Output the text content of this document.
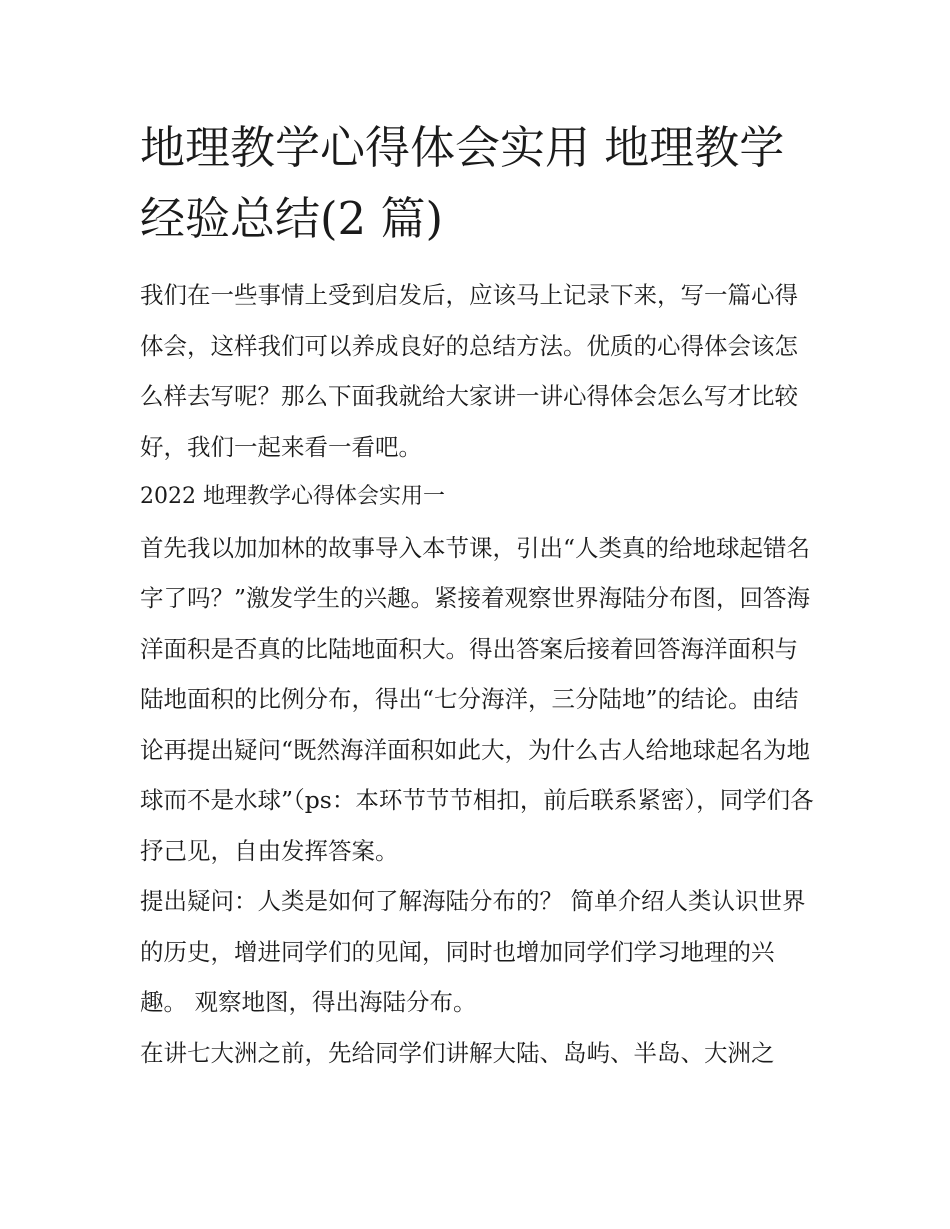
地理教学心得体会实用 地理教学经验总结(2 篇)

我们在一些事情上受到启发后，应该马上记录下来，写一篇心得体会，这样我们可以养成良好的总结方法。优质的心得体会该怎么样去写呢？那么下面我就给大家讲一讲心得体会怎么写才比较好，我们一起来看一看吧。

2022 地理教学心得体会实用一

首先我以加加林的故事导入本节课，引出“人类真的给地球起错名字了吗？”激发学生的兴趣。紧接着观察世界海陆分布图，回答海洋面积是否真的比陆地面积大。得出答案后接着回答海洋面积与陆地面积的比例分布，得出“七分海洋，三分陆地”的结论。由结论再提出疑问“既然海洋面积如此大，为什么古人给地球起名为地球而不是水球”（ps：本环节节节相扣，前后联系紧密），同学们各抒己见，自由发挥答案。

提出疑问：人类是如何了解海陆分布的？ 简单介绍人类认识世界的历史，增进同学们的见闻，同时也增加同学们学习地理的兴趣。 观察地图，得出海陆分布。

在讲七大洲之前，先给同学们讲解大陆、岛屿、半岛、大洲之
